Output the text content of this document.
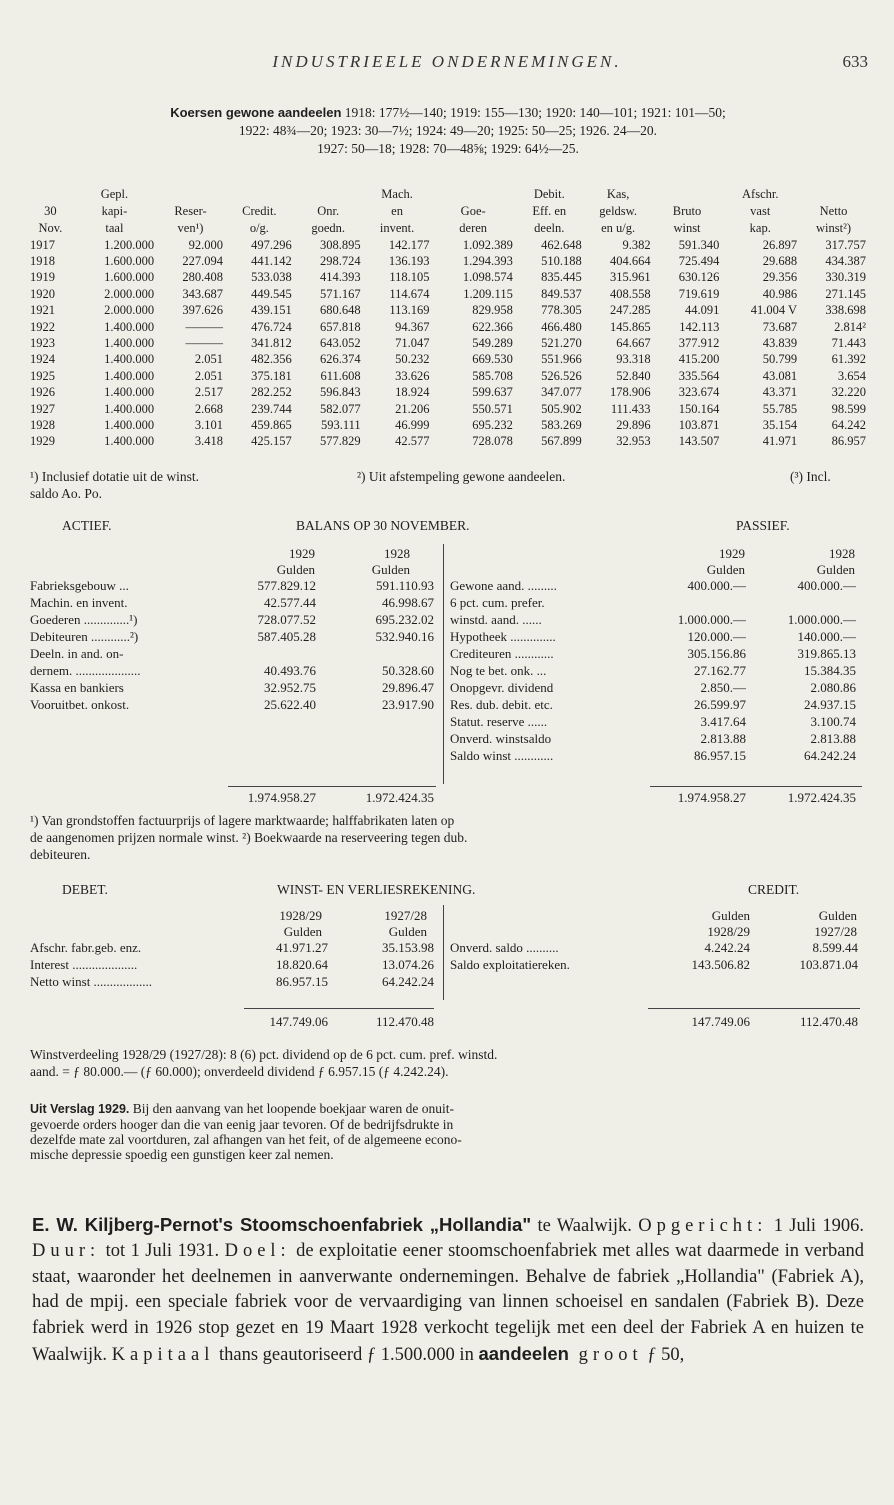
INDUSTRIEELE ONDERNEMINGEN.	633
Koersen gewone aandeelen 1918: 177½—140; 1919: 155—130; 1920: 140—101; 1921: 101—50;
1922: 48¾—20; 1923: 30—7½; 1924: 49—20; 1925: 50—25; 1926. 24—20.
1927: 50—18; 1928: 70—48⅝; 1929: 64½—25.
	Gepl.				Mach.		Debit.	Kas,		Afschr.	
30	kapi-	Reser-	Credit.	Onr.	en	Goe-	Eff. en	geldsw.	Bruto	vast	Netto
Nov.	taal	ven¹)	o/g.	goedn.	invent.	deren	deeln.	en u/g.	winst	kap.	winst²)
1917	1.200.000	92.000	497.296	308.895	142.177	1.092.389	462.648	9.382	591.340	26.897	317.757
1918	1.600.000	227.094	441.142	298.724	136.193	1.294.393	510.188	404.664	725.494	29.688	434.387
1919	1.600.000	280.408	533.038	414.393	118.105	1.098.574	835.445	315.961	630.126	29.356	330.319
1920	2.000.000	343.687	449.545	571.167	114.674	1.209.115	849.537	408.558	719.619	40.986	271.145
1921	2.000.000	397.626	439.151	680.648	113.169	829.958	778.305	247.285	44.091	41.004 V	338.698
1922	1.400.000	———	476.724	657.818	94.367	622.366	466.480	145.865	142.113	73.687	2.814²
1923	1.400.000	———	341.812	643.052	71.047	549.289	521.270	64.667	377.912	43.839	71.443
1924	1.400.000	2.051	482.356	626.374	50.232	669.530	551.966	93.318	415.200	50.799	61.392
1925	1.400.000	2.051	375.181	611.608	33.626	585.708	526.526	52.840	335.564	43.081	3.654
1926	1.400.000	2.517	282.252	596.843	18.924	599.637	347.077	178.906	323.674	43.371	32.220
1927	1.400.000	2.668	239.744	582.077	21.206	550.571	505.902	111.433	150.164	55.785	98.599
1928	1.400.000	3.101	459.865	593.111	46.999	695.232	583.269	29.896	103.871	35.154	64.242
1929	1.400.000	3.418	425.157	577.829	42.577	728.078	567.899	32.953	143.507	41.971	86.957
¹) Inclusief dotatie uit de winst.	²) Uit afstempeling gewone aandeelen.	(³) Incl.
saldo Ao. Po.
ACTIEF.	BALANS OP 30 NOVEMBER.	PASSIEF.
1929	1928
Gulden	Gulden
1929	1928
Gulden	Gulden
Fabrieksgebouw ...	577.829.12	591.110.93
Machin. en invent.	42.577.44	46.998.67
Goederen ..............¹)	728.077.52	695.232.02
Debiteuren ............²)	587.405.28	532.940.16
Deeln. in and. on-
dernem. ....................	40.493.76	50.328.60
Kassa en bankiers	32.952.75	29.896.47
Vooruitbet. onkost.	25.622.40	23.917.90
Gewone aand. .........	400.000.—	400.000.—
6 pct. cum. prefer.
winstd. aand. ......	1.000.000.—	1.000.000.—
Hypotheek ..............	120.000.—	140.000.—
Crediteuren ............	305.156.86	319.865.13
Nog te bet. onk. ...	27.162.77	15.384.35
Onopgevr. dividend	2.850.—	2.080.86
Res. dub. debit. etc.	26.599.97	24.937.15
Statut. reserve ......	3.417.64	3.100.74
Onverd. winstsaldo	2.813.88	2.813.88
Saldo winst ............	86.957.15	64.242.24
1.974.958.27	1.972.424.35	1.974.958.27	1.972.424.35
¹) Van grondstoffen factuurprijs of lagere marktwaarde; halffabrikaten laten op
de aangenomen prijzen normale winst. ²) Boekwaarde na reserveering tegen dub.
debiteuren.
DEBET.	WINST- EN VERLIESREKENING.	CREDIT.
1928/29	1927/28
Gulden	Gulden
Gulden	Gulden
1928/29	1927/28
Afschr. fabr.geb. enz.	41.971.27	35.153.98
Interest ....................	18.820.64	13.074.26
Netto winst ..................	86.957.15	64.242.24
Onverd. saldo ..........	4.242.24	8.599.44
Saldo exploitatiereken.	143.506.82	103.871.04
147.749.06	112.470.48	147.749.06	112.470.48
Winstverdeeling 1928/29 (1927/28): 8 (6) pct. dividend op de 6 pct. cum. pref. winstd.
aand. = ƒ 80.000.— (ƒ 60.000); onverdeeld dividend ƒ 6.957.15 (ƒ 4.242.24).
Uit Verslag 1929. Bij den aanvang van het loopende boekjaar waren de onuit-
gevoerde orders hooger dan die van eenig jaar tevoren. Of de bedrijfsdrukte in
dezelfde mate zal voortduren, zal afhangen van het feit, of de algemeene econo-
mische depressie spoedig een gunstigen keer zal nemen.
E. W. Kiljberg-Pernot's Stoomschoenfabriek „Hollandia" te Waalwijk. Opgericht: 1 Juli 1906. Duur: tot 1 Juli 1931. Doel: de exploitatie eener stoomschoenfabriek met alles wat daarmede in verband staat, waaronder het deelnemen in aanverwante ondernemingen. Behalve de fabriek „Hollandia" (Fabriek A), had de mpij. een speciale fabriek voor de vervaardiging van linnen schoeisel en sandalen (Fabriek B). Deze fabriek werd in 1926 stop gezet en 19 Maart 1928 verkocht tegelijk met een deel der Fabriek A en huizen te Waalwijk. Kapitaal thans geautoriseerd ƒ 1.500.000 in aandeelen groot ƒ 50,
